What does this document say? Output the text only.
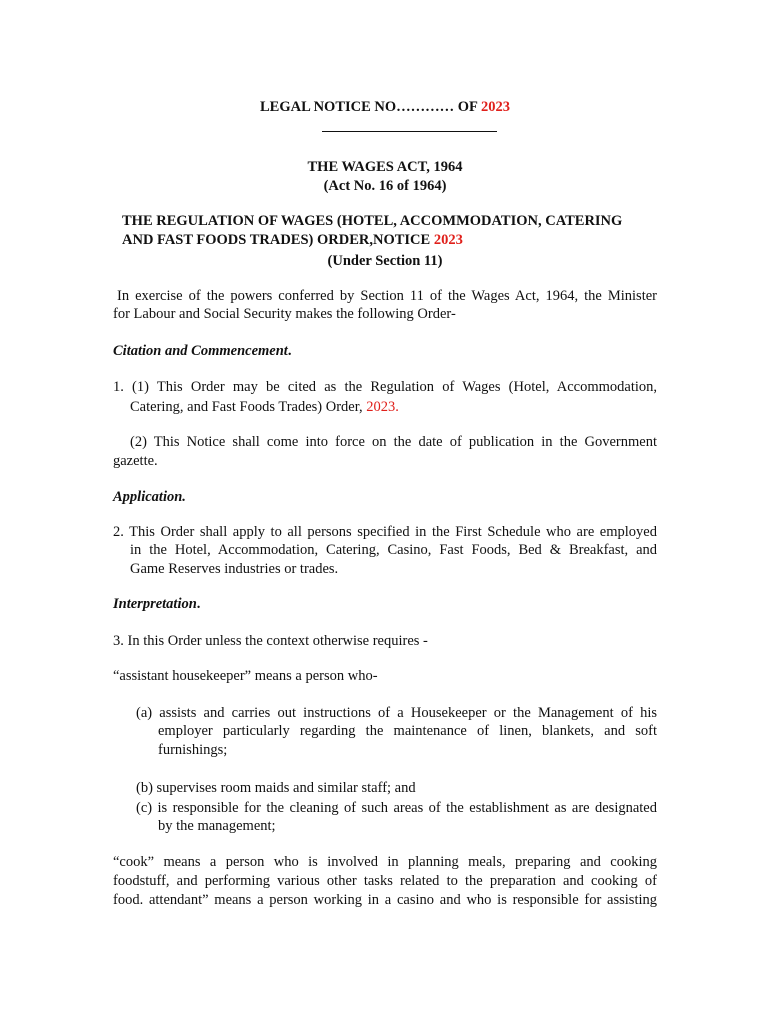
LEGAL NOTICE NO………… OF 2023
THE WAGES ACT, 1964
(Act No. 16 of 1964)
THE REGULATION OF WAGES (HOTEL, ACCOMMODATION, CATERING
AND FAST FOODS TRADES) ORDER,NOTICE 2023
(Under Section 11)
In exercise of the powers conferred by Section 11 of the Wages Act, 1964, the Minister
for Labour and Social Security makes the following Order-
Citation and Commencement.
1. (1) This Order may be cited as the Regulation of Wages (Hotel, Accommodation,
Catering, and Fast Foods Trades) Order, 2023.
(2) This Notice shall come into force on the date of publication in the Government
gazette.
Application.
2. This Order shall apply to all persons specified in the First Schedule who are employed
in the Hotel, Accommodation, Catering, Casino, Fast Foods, Bed & Breakfast, and
Game Reserves industries or trades.
Interpretation.
3. In this Order unless the context otherwise requires -
“assistant housekeeper” means a person who-
(a) assists and carries out instructions of a Housekeeper or the Management of his
employer particularly regarding the maintenance of linen, blankets, and soft
furnishings;
(b) supervises room maids and similar staff; and
(c) is responsible for the cleaning of such areas of the establishment as are designated
by the management;
“cook” means a person who is involved in planning meals, preparing and cooking
foodstuff, and performing various other tasks related to the preparation and cooking of
food. attendant” means a person working in a casino and who is responsible for assisting
